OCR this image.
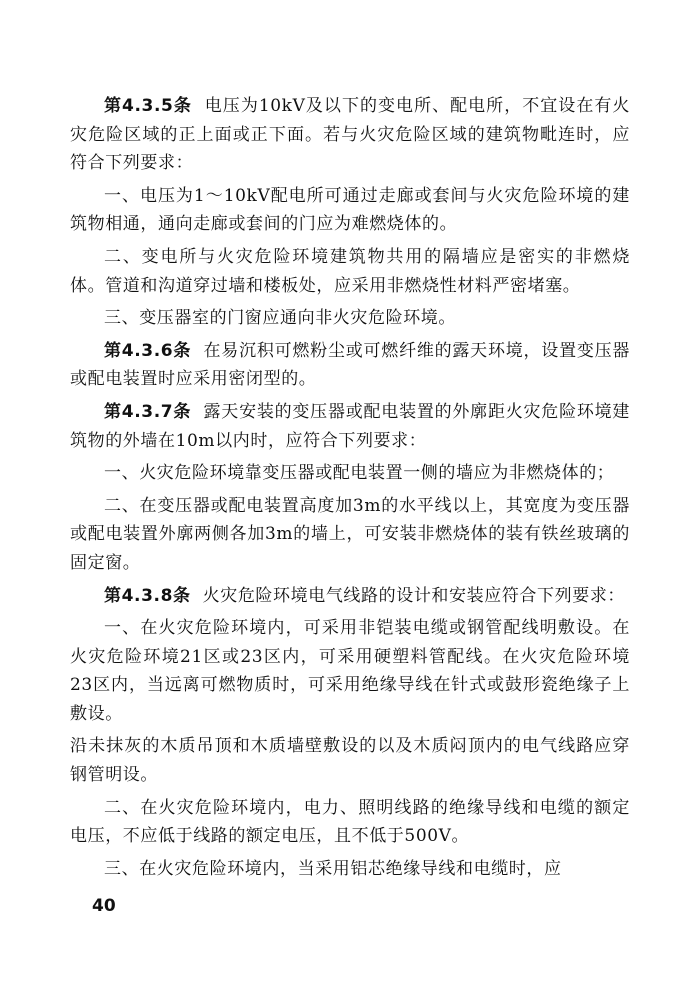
第4.3.5条 电压为10kV及以下的变电所、配电所，不宜设在有火灾危险区域的正上面或正下面。若与火灾危险区域的建筑物毗连时，应符合下列要求：

一、电压为1～10kV配电所可通过走廊或套间与火灾危险环境的建筑物相通，通向走廊或套间的门应为难燃烧体的。

二、变电所与火灾危险环境建筑物共用的隔墙应是密实的非燃烧体。管道和沟道穿过墙和楼板处，应采用非燃烧性材料严密堵塞。

三、变压器室的门窗应通向非火灾危险环境。

第4.3.6条 在易沉积可燃粉尘或可燃纤维的露天环境，设置变压器或配电装置时应采用密闭型的。

第4.3.7条 露天安装的变压器或配电装置的外廓距火灾危险环境建筑物的外墙在10m以内时，应符合下列要求：

一、火灾危险环境靠变压器或配电装置一侧的墙应为非燃烧体的；

二、在变压器或配电装置高度加3m的水平线以上，其宽度为变压器或配电装置外廓两侧各加3m的墙上，可安装非燃烧体的装有铁丝玻璃的固定窗。

第4.3.8条 火灾危险环境电气线路的设计和安装应符合下列要求：

一、在火灾危险环境内，可采用非铠装电缆或钢管配线明敷设。在火灾危险环境21区或23区内，可采用硬塑料管配线。在火灾危险环境23区内，当远离可燃物质时，可采用绝缘导线在针式或鼓形瓷绝缘子上敷设。

沿未抹灰的木质吊顶和木质墙壁敷设的以及木质闷顶内的电气线路应穿钢管明设。

二、在火灾危险环境内，电力、照明线路的绝缘导线和电缆的额定电压，不应低于线路的额定电压，且不低于500V。

三、在火灾危险环境内，当采用铝芯绝缘导线和电缆时，应

40
